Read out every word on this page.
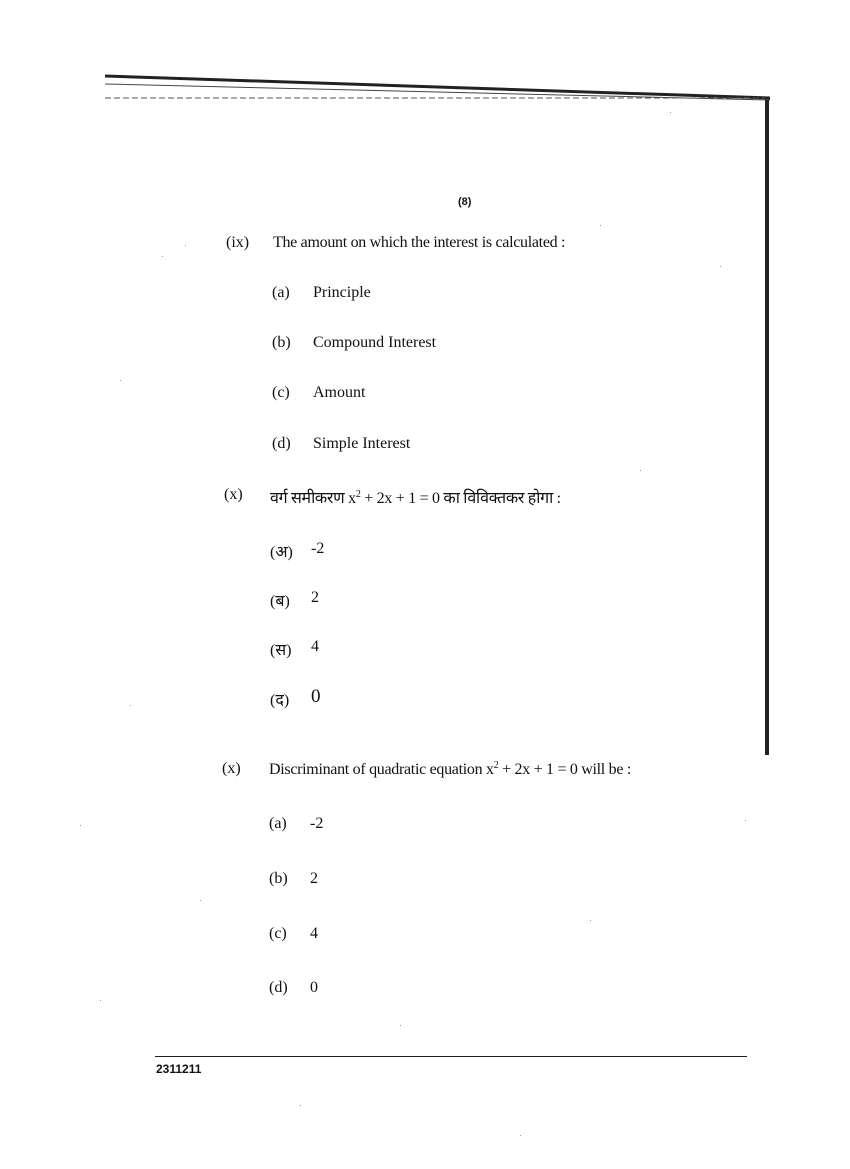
(8)
(ix) The amount on which the interest is calculated :
(a) Principle
(b) Compound Interest
(c) Amount
(d) Simple Interest
(x) वर्ग समीकरण $x^2 + 2x + 1 = 0$ का विविक्तकर होगा :
(अ) -2
(ब) 2
(स) 4
(द) 0
(x) Discriminant of quadratic equation $x^2 + 2x + 1 = 0$ will be :
(a) -2
(b) 2
(c) 4
(d) 0
2311211
